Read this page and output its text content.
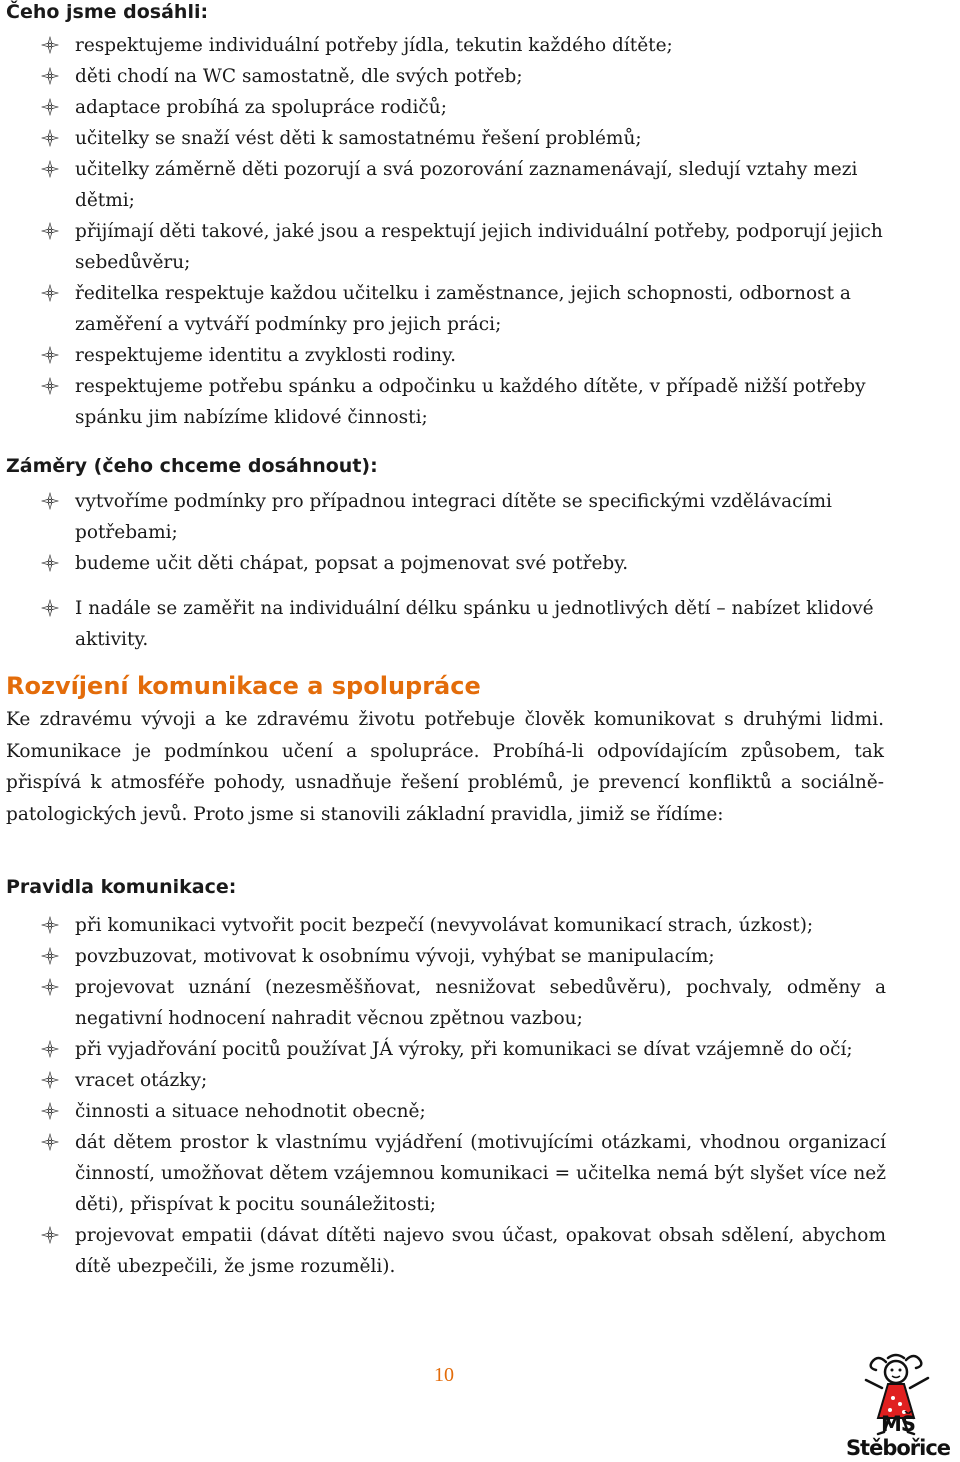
Čeho jsme dosáhli:

respektujeme individuální potřeby jídla, tekutin každého dítěte;
děti chodí na WC samostatně, dle svých potřeb;
adaptace probíhá za spolupráce rodičů;
učitelky se snaží vést děti k samostatnému řešení problémů;
učitelky záměrně děti pozorují a svá pozorování zaznamenávají, sledují vztahy mezi dětmi;
přijímají děti takové, jaké jsou a respektují jejich individuální potřeby, podporují jejich sebedůvěru;
ředitelka respektuje každou učitelku i zaměstnance, jejich schopnosti, odbornost a zaměření a vytváří podmínky pro jejich práci;
respektujeme identitu a zvyklosti rodiny.
respektujeme potřebu spánku a odpočinku u každého dítěte, v případě nižší potřeby spánku jim nabízíme klidové činnosti;

Záměry (čeho chceme dosáhnout):

vytvoříme podmínky pro případnou integraci dítěte se specifickými vzdělávacími potřebami;
budeme učit děti chápat, popsat a pojmenovat své potřeby.
I nadále se zaměřit na individuální délku spánku u jednotlivých dětí – nabízet klidové aktivity.
Rozvíjení komunikace a spolupráce

Ke zdravému vývoji a ke zdravému životu potřebuje člověk komunikovat s druhými lidmi. Komunikace je podmínkou učení a spolupráce. Probíhá-li odpovídajícím způsobem, tak přispívá k atmosféře pohody, usnadňuje řešení problémů, je prevencí konfliktů a sociálně-patologických jevů. Proto jsme si stanovili základní pravidla, jimiž se řídíme:

Pravidla komunikace:

při komunikaci vytvořit pocit bezpečí (nevyvolávat komunikací strach, úzkost);
povzbuzovat, motivovat k osobnímu vývoji, vyhýbat se manipulacím;
projevovat uznání (nezesměšňovat, nesnižovat sebedůvěru), pochvaly, odměny a negativní hodnocení nahradit věcnou zpětnou vazbou;
při vyjadřování pocitů používat JÁ výroky, při komunikaci se dívat vzájemně do očí;
vracet otázky;
činnosti a situace nehodnotit obecně;
dát dětem prostor k vlastnímu vyjádření (motivujícími otázkami, vhodnou organizací činností, umožňovat dětem vzájemnou komunikaci = učitelka nemá být slyšet více než děti), přispívat k pocitu sounáležitosti;
projevovat empatii (dávat dítěti najevo svou účast, opakovat obsah sdělení, abychom dítě ubezpečili, že jsme rozuměli).
10
MŠ Stěbořice
